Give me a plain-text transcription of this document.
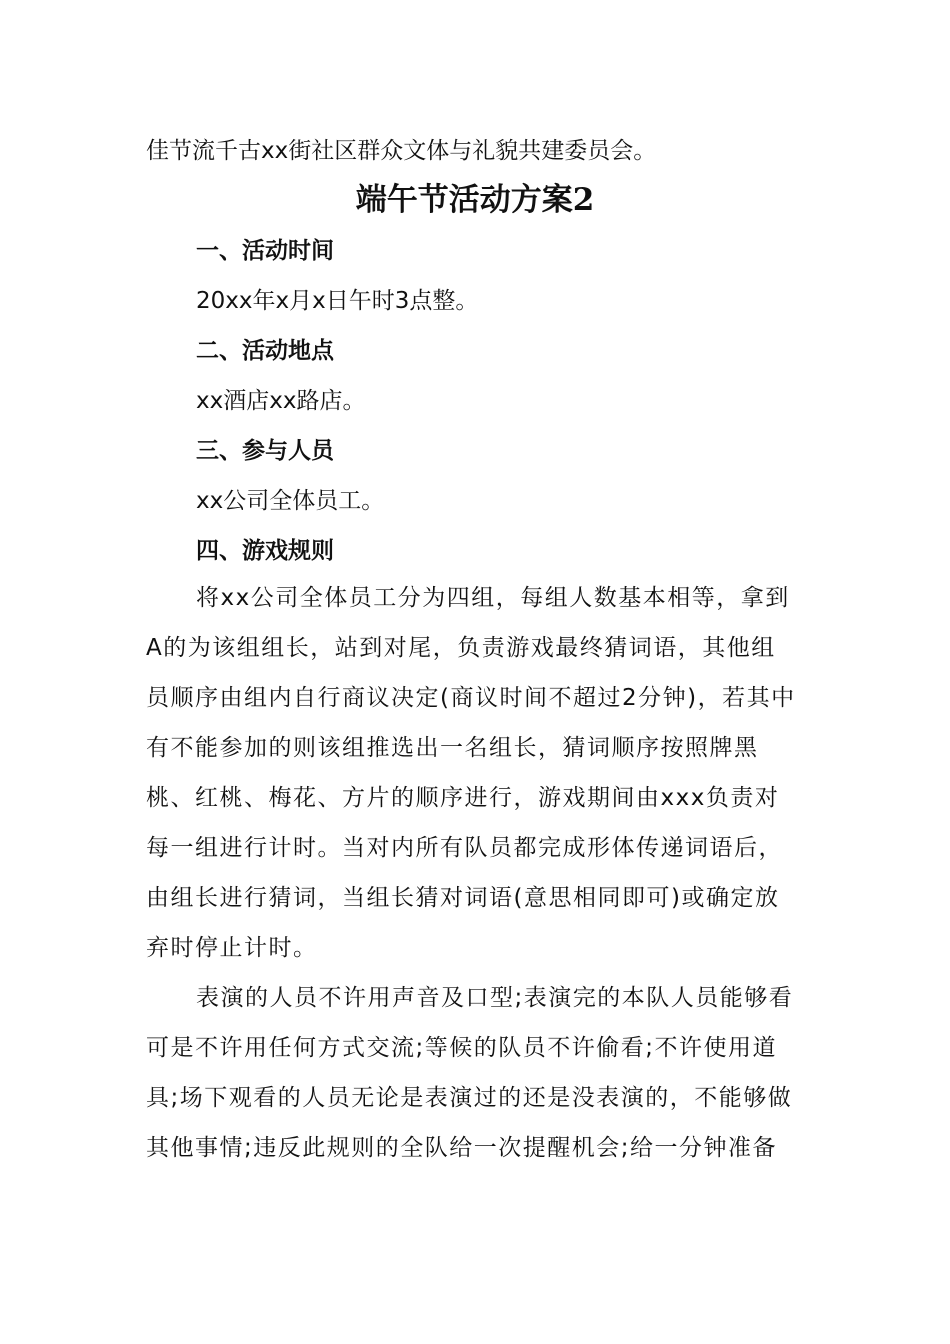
佳节流千古xx街社区群众文体与礼貌共建委员会。
端午节活动方案2
一、活动时间
20xx年x月x日午时3点整。
二、活动地点
xx酒店xx路店。
三、参与人员
xx公司全体员工。
四、游戏规则
将xx公司全体员工分为四组，每组人数基本相等，拿到A的为该组组长，站到对尾，负责游戏最终猜词语，其他组员顺序由组内自行商议决定(商议时间不超过2分钟)，若其中有不能参加的则该组推选出一名组长，猜词顺序按照牌黑桃、红桃、梅花、方片的顺序进行，游戏期间由xxx负责对每一组进行计时。当对内所有队员都完成形体传递词语后，由组长进行猜词，当组长猜对词语(意思相同即可)或确定放弃时停止计时。
表演的人员不许用声音及口型;表演完的本队人员能够看可是不许用任何方式交流;等候的队员不许偷看;不许使用道具;场下观看的人员无论是表演过的还是没表演的，不能够做其他事情;违反此规则的全队给一次提醒机会;给一分钟准备
